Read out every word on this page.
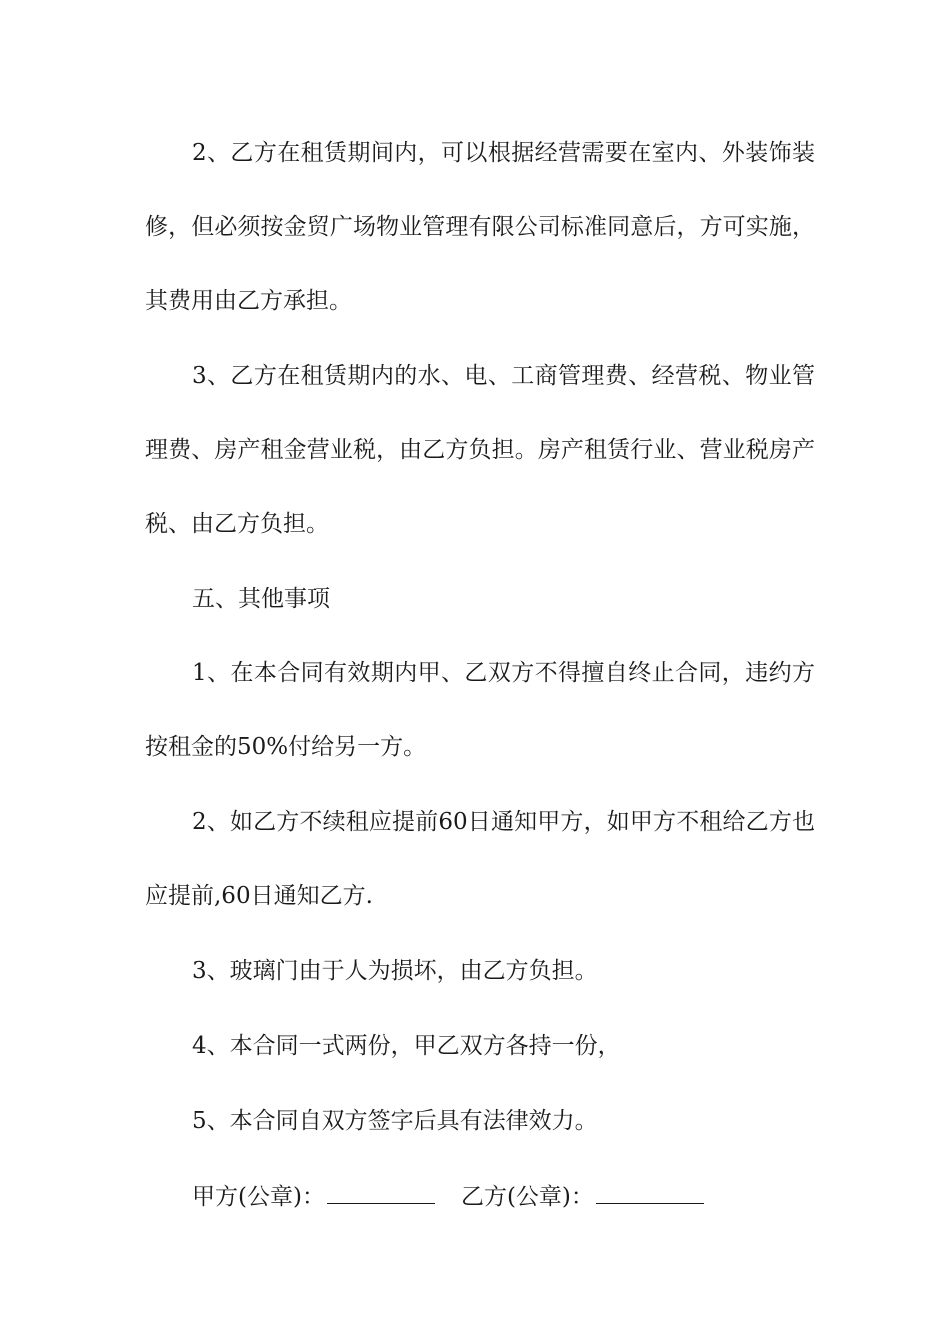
2、乙方在租赁期间内，可以根据经营需要在室内、外装饰装修，但必须按金贸广场物业管理有限公司标准同意后，方可实施，其费用由乙方承担。

3、乙方在租赁期内的水、电、工商管理费、经营税、物业管理费、房产租金营业税，由乙方负担。房产租赁行业、营业税房产税、由乙方负担。

五、其他事项

1、在本合同有效期内甲、乙双方不得擅自终止合同，违约方按租金的50%付给另一方。

2、如乙方不续租应提前60日通知甲方，如甲方不租给乙方也应提前,60日通知乙方.

3、玻璃门由于人为损坏，由乙方负担。

4、本合同一式两份，甲乙双方各持一份，

5、本合同自双方签字后具有法律效力。

甲方(公章)：	乙方(公章)：
